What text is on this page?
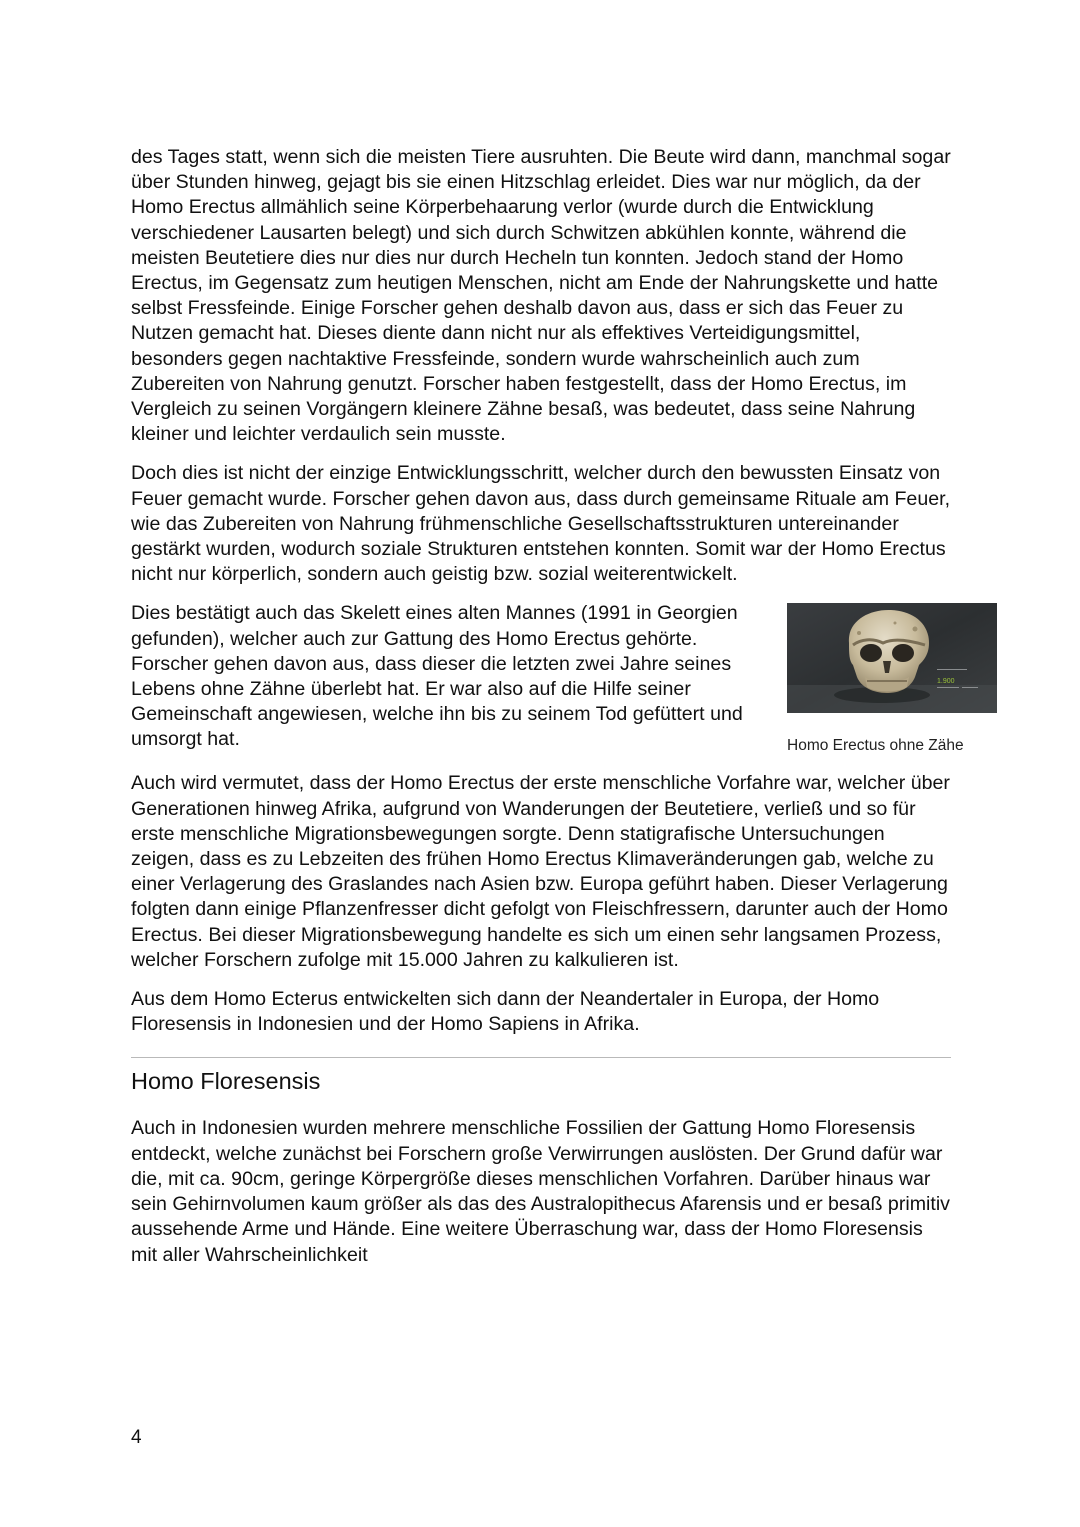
des Tages statt, wenn sich die meisten Tiere ausruhten. Die Beute wird dann, manchmal sogar über Stunden hinweg, gejagt bis sie einen Hitzschlag erleidet. Dies war nur möglich, da der Homo Erectus allmählich seine Körperbehaarung verlor (wurde durch die Entwicklung verschiedener Lausarten belegt) und sich durch Schwitzen abkühlen konnte, während die meisten Beutetiere dies nur dies nur durch Hecheln tun konnten. Jedoch stand der Homo Erectus, im Gegensatz zum heutigen Menschen, nicht am Ende der Nahrungskette und hatte selbst Fressfeinde. Einige Forscher gehen deshalb davon aus, dass er sich das Feuer zu Nutzen gemacht hat. Dieses diente dann nicht nur als effektives Verteidigungsmittel, besonders gegen nachtaktive Fressfeinde, sondern wurde wahrscheinlich auch zum Zubereiten von Nahrung genutzt. Forscher haben festgestellt, dass der Homo Erectus, im Vergleich zu seinen Vorgängern kleinere Zähne besaß, was bedeutet, dass seine Nahrung kleiner und leichter verdaulich sein musste.

Doch dies ist nicht der einzige Entwicklungsschritt, welcher durch den bewussten Einsatz von Feuer gemacht wurde. Forscher gehen davon aus, dass durch gemeinsame Rituale am Feuer, wie das Zubereiten von Nahrung frühmenschliche Gesellschaftsstrukturen untereinander gestärkt wurden, wodurch soziale Strukturen entstehen konnten. Somit war der Homo Erectus nicht nur körperlich, sondern auch geistig bzw. sozial weiterentwickelt.

Dies bestätigt auch das Skelett eines alten Mannes (1991 in Georgien gefunden), welcher auch zur Gattung des Homo Erectus gehörte. Forscher gehen davon aus, dass dieser die letzten zwei Jahre seines Lebens ohne Zähne überlebt hat. Er war also auf die Hilfe seiner Gemeinschaft angewiesen, welche ihn bis zu seinem Tod gefüttert und umsorgt hat.

1.900
Homo Erectus ohne Zähe

Auch wird vermutet, dass der Homo Erectus der erste menschliche Vorfahre war, welcher über Generationen hinweg Afrika, aufgrund von Wanderungen der Beutetiere, verließ und so für erste menschliche Migrationsbewegungen sorgte. Denn statigrafische Untersuchungen zeigen, dass es zu Lebzeiten des frühen Homo Erectus Klimaveränderungen gab, welche zu einer Verlagerung des Graslandes nach Asien bzw. Europa geführt haben. Dieser Verlagerung folgten dann einige Pflanzenfresser dicht gefolgt von Fleischfressern, darunter auch der Homo Erectus. Bei dieser Migrationsbewegung handelte es sich um einen sehr langsamen Prozess, welcher Forschern zufolge mit 15.000 Jahren zu kalkulieren ist.

Aus dem Homo Ecterus entwickelten sich dann der Neandertaler in Europa, der Homo Floresensis in Indonesien und der Homo Sapiens in Afrika.

Homo Floresensis

Auch in Indonesien wurden mehrere menschliche Fossilien der Gattung Homo Floresensis entdeckt, welche zunächst bei Forschern große Verwirrungen auslösten. Der Grund dafür war die, mit ca. 90cm, geringe Körpergröße dieses menschlichen Vorfahren. Darüber hinaus war sein Gehirnvolumen kaum größer als das des Australopithecus Afarensis und er besaß primitiv aussehende Arme und Hände. Eine weitere Überraschung war, dass der Homo Floresensis mit aller Wahrscheinlichkeit

4
